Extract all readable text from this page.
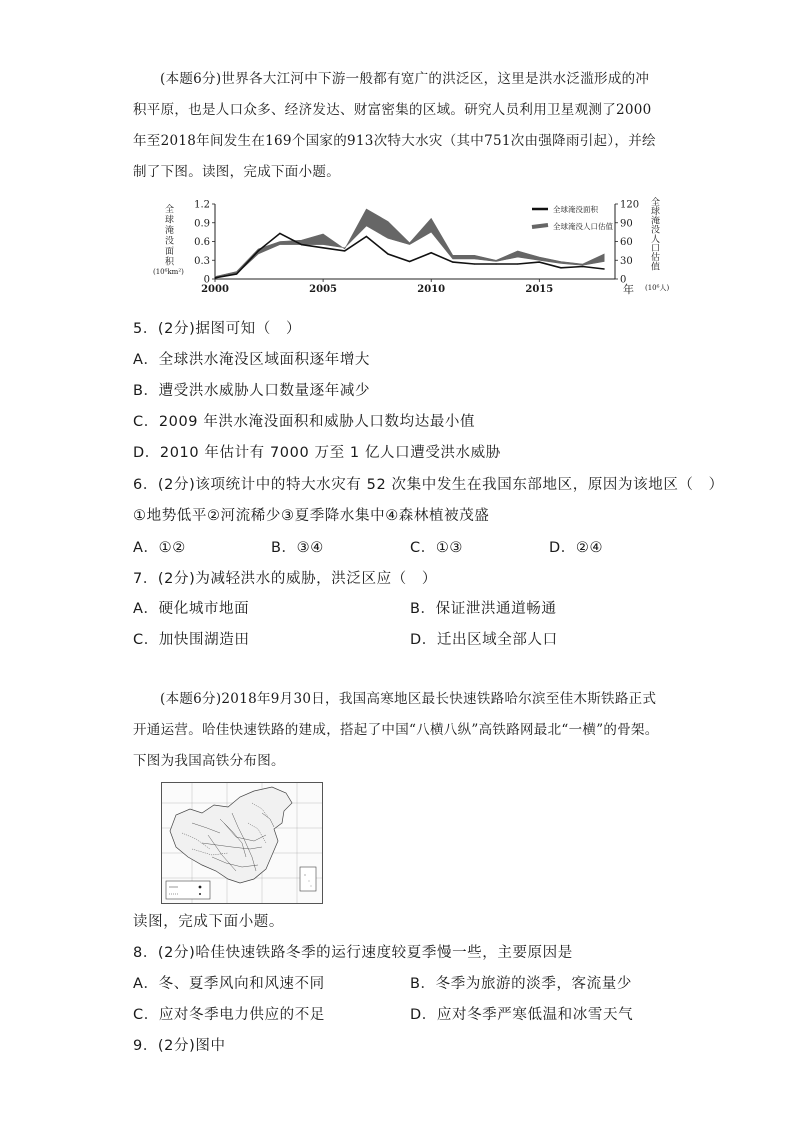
(本题6分)世界各大江河中下游一般都有宽广的洪泛区，这里是洪水泛滥形成的冲积平原，也是人口众多、经济发达、财富密集的区域。研究人员利用卫星观测了2000年至2018年间发生在169个国家的913次特大水灾（其中751次由强降雨引起），并绘制了下图。读图，完成下面小题。
全球淹没面积
(10⁶km²)
全球淹没人口估值
(10⁶人)
年
全球淹没面积
全球淹没人口估值
0
0.3
0.6
0.9
1.2
0
30
60
90
120
2000	2005	2010	2015
5．(2分)据图可知（　）
A．全球洪水淹没区域面积逐年增大
B．遭受洪水威胁人口数量逐年减少
C．2009 年洪水淹没面积和威胁人口数均达最小值
D．2010 年估计有 7000 万至 1 亿人口遭受洪水威胁
6．(2分)该项统计中的特大水灾有 52 次集中发生在我国东部地区，原因为该地区（　）
①地势低平②河流稀少③夏季降水集中④森林植被茂盛
A．①②	B．③④	C．①③	D．②④
7．(2分)为减轻洪水的威胁，洪泛区应（　）
A．硬化城市地面	B．保证泄洪通道畅通
C．加快围湖造田	D．迁出区域全部人口
(本题6分)2018年9月30日，我国高寒地区最长快速铁路哈尔滨至佳木斯铁路正式开通运营。哈佳快速铁路的建成，搭起了中国“八横八纵”高铁路网最北“一横”的骨架。下图为我国高铁分布图。
读图，完成下面小题。
8．(2分)哈佳快速铁路冬季的运行速度较夏季慢一些，主要原因是
A．冬、夏季风向和风速不同	B．冬季为旅游的淡季，客流量少
C．应对冬季电力供应的不足	D．应对冬季严寒低温和冰雪天气
9．(2分)图中
